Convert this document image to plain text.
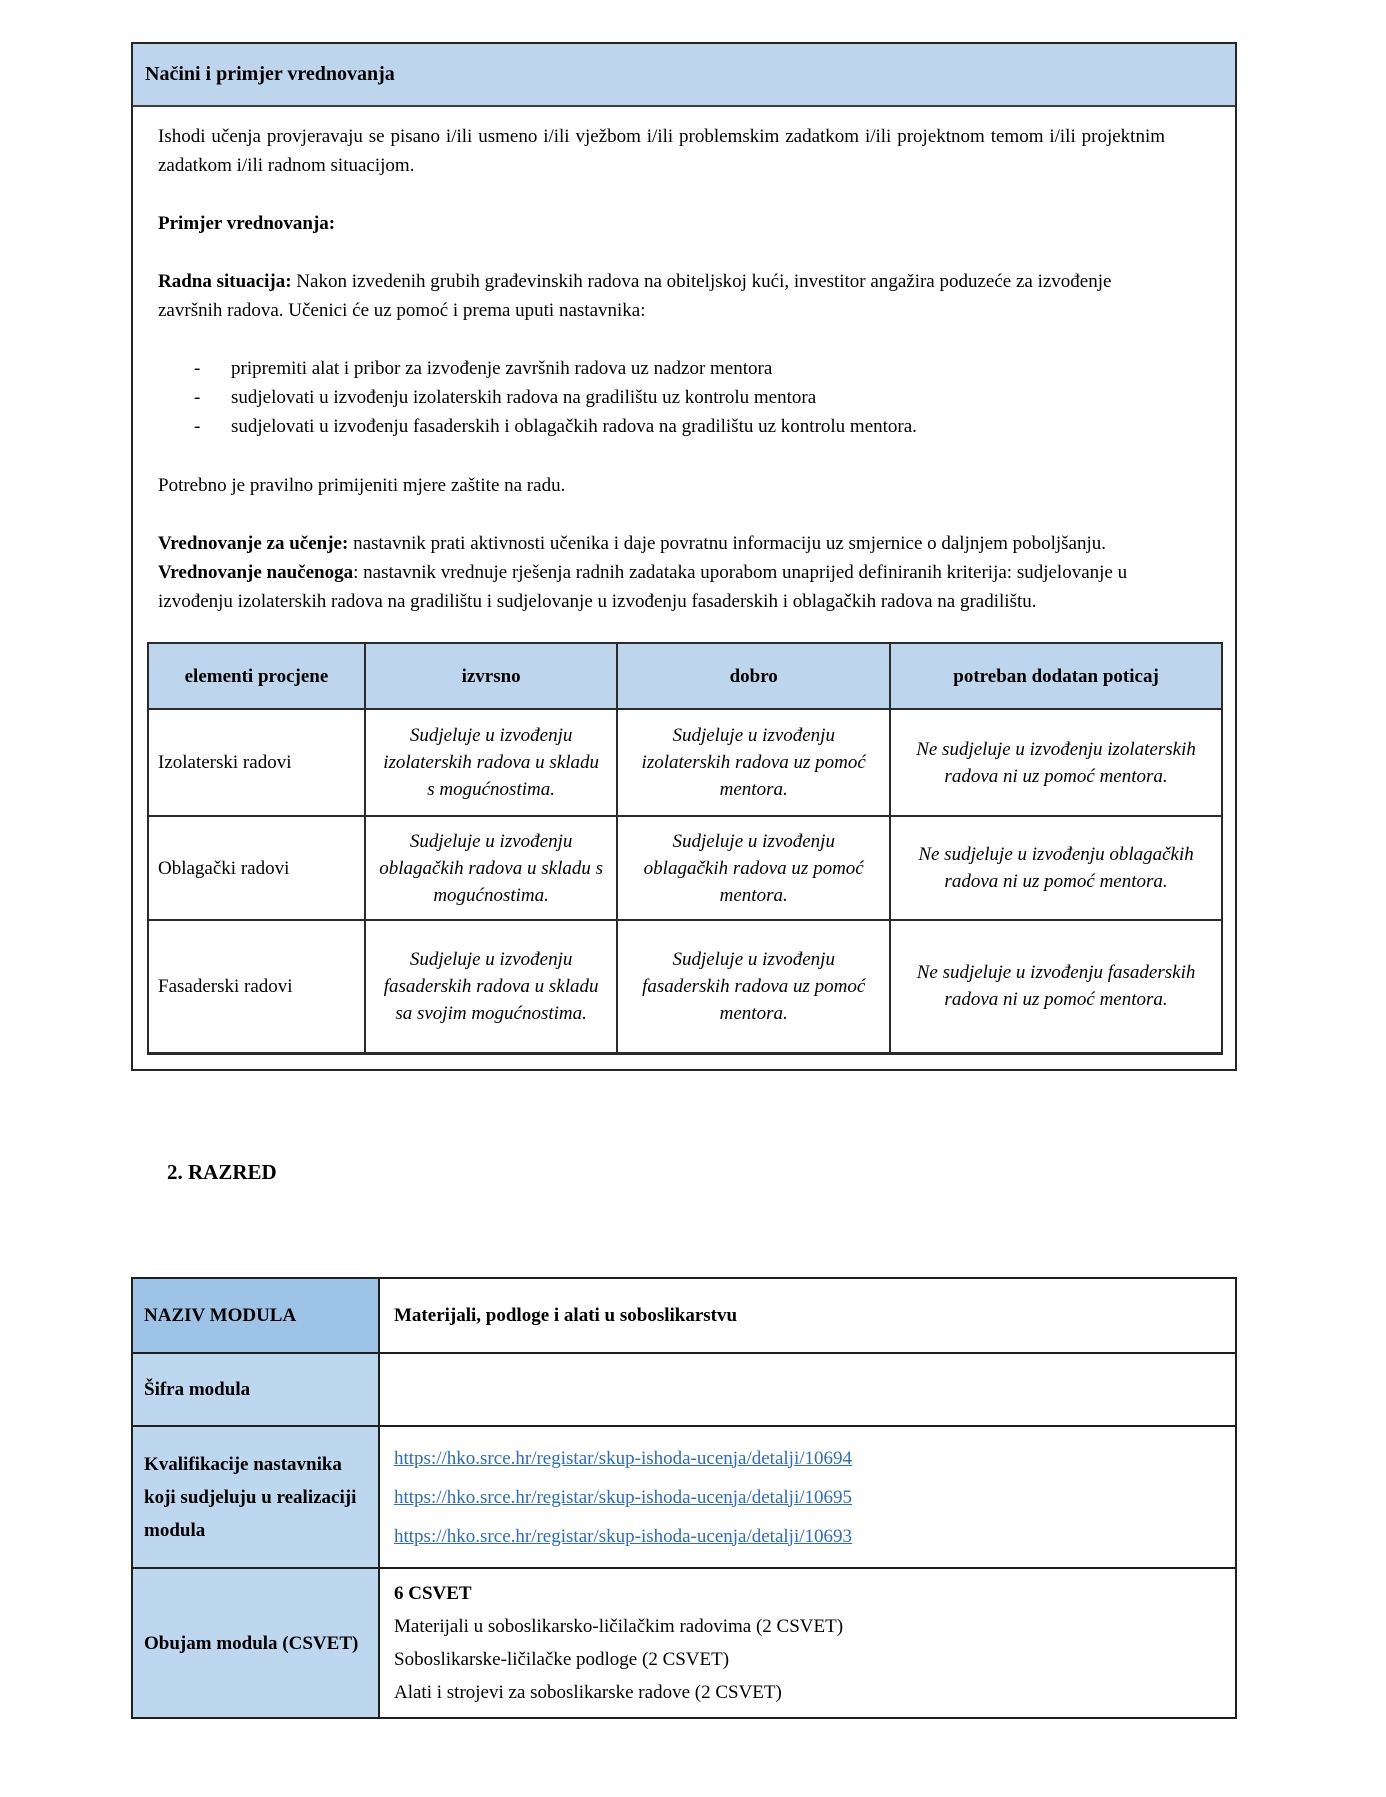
Načini i primjer vrednovanja

Ishodi učenja provjeravaju se pisano i/ili usmeno i/ili vježbom i/ili problemskim zadatkom i/ili projektnom temom i/ili projektnim zadatkom i/ili radnom situacijom.

Primjer vrednovanja:

Radna situacija: Nakon izvedenih grubih građevinskih radova na obiteljskoj kući, investitor angažira poduzeće za izvođenje završnih radova. Učenici će uz pomoć i prema uputi nastavnika:

-	pripremiti alat i pribor za izvođenje završnih radova uz nadzor mentora
-	sudjelovati u izvođenju izolaterskih radova na gradilištu uz kontrolu mentora
-	sudjelovati u izvođenju fasaderskih i oblagačkih radova na gradilištu uz kontrolu mentora.

Potrebno je pravilno primijeniti mjere zaštite na radu.

Vrednovanje za učenje: nastavnik prati aktivnosti učenika i daje povratnu informaciju uz smjernice o daljnjem poboljšanju.

Vrednovanje naučenoga: nastavnik vrednuje rješenja radnih zadataka uporabom unaprijed definiranih kriterija: sudjelovanje u izvođenju izolaterskih radova na gradilištu i sudjelovanje u izvođenju fasaderskih i oblagačkih radova na gradilištu.

elementi procjene	izvrsno	dobro	potreban dodatan poticaj
Izolaterski radovi	Sudjeluje u izvođenju izolaterskih radova u skladu s mogućnostima.	Sudjeluje u izvođenju izolaterskih radova uz pomoć mentora.	Ne sudjeluje u izvođenju izolaterskih radova ni uz pomoć mentora.
Oblagački radovi	Sudjeluje u izvođenju oblagačkih radova u skladu s mogućnostima.	Sudjeluje u izvođenju oblagačkih radova uz pomoć mentora.	Ne sudjeluje u izvođenju oblagačkih radova ni uz pomoć mentora.
Fasaderski radovi	Sudjeluje u izvođenju fasaderskih radova u skladu sa svojim mogućnostima.	Sudjeluje u izvođenju fasaderskih radova uz pomoć mentora.	Ne sudjeluje u izvođenju fasaderskih radova ni uz pomoć mentora.
2. RAZRED
NAZIV MODULA	Materijali, podloge i alati u soboslikarstvu
Šifra modula	
Kvalifikacije nastavnika koji sudjeluju u realizaciji modula	https://hko.srce.hr/registar/skup-ishoda-ucenja/detalji/10694
https://hko.srce.hr/registar/skup-ishoda-ucenja/detalji/10695
https://hko.srce.hr/registar/skup-ishoda-ucenja/detalji/10693

Obujam modula (CSVET)	6 CSVET
Materijali u soboslikarsko-ličilačkim radovima (2 CSVET)
Soboslikarske-ličilačke podloge (2 CSVET)
Alati i strojevi za soboslikarske radove (2 CSVET)
